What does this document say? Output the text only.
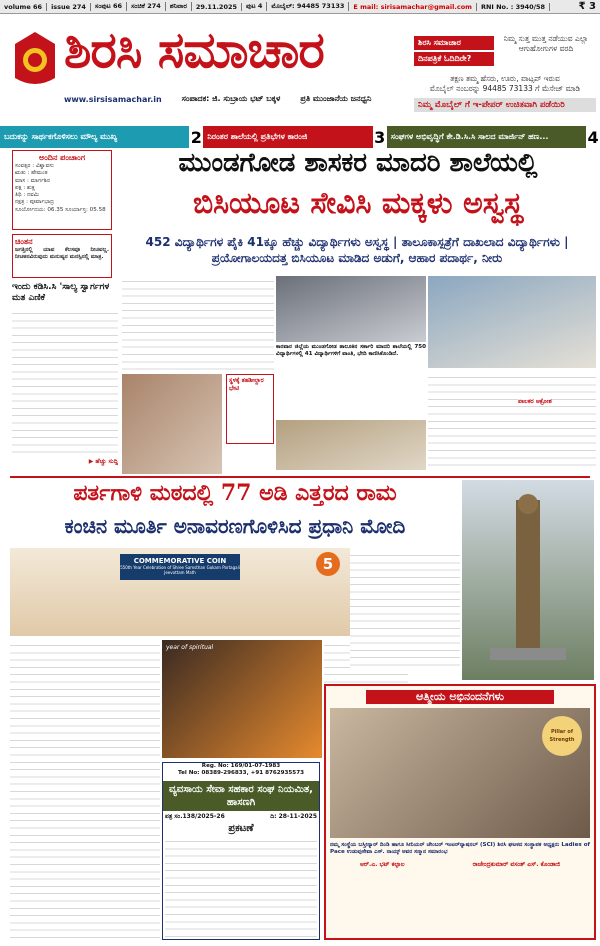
volume 66	issue 274	ಸಂಪುಟ 66	ಸಂಚಿಕೆ 274	ಶನಿವಾರ	29.11.2025	ಪುಟ 4	ಮೊಬೈಲ್: 94485 73133	E mail: sirisamachar@gmail.com	RNI No. : 3940/58	₹ 3
ಶಿರಸಿ ಸಮಾಚಾರ
www.sirsisamachar.in	ಸಂಪಾದಕ: ಜಿ. ಸುಬ್ರಾಯ ಭಟ್ ಬಕ್ಕಳ	ಪ್ರತಿ ಮುಂಜಾನೆಯ ಜನಧ್ವನಿ
ಶಿರಸಿ ಸಮಾಚಾರ
ದಿನಪತ್ರಿಕೆ ಓದಿದಿರೇ?
ನಿಮ್ಮ ಸುತ್ತ ಮುತ್ತ ನಡೆಯುವ ಎಲ್ಲಾ ಆಗುಹೋಗುಗಳ ವರದಿ
ತಕ್ಷಣ ತಮ್ಮ ಹೆಸರು, ಊರು, ವಾಟ್ಸಪ್ ಇರುವ
ಮೊಬೈಲ್ ನಂಬರನ್ನು 94485 73133 ಗೆ ಮೆಸೇಜ್ ಮಾಡಿ
ನಿಮ್ಮ ಮೊಬೈಲ್ ಗೆ ಇ-ಪೇಪರ್ ಉಚಿತವಾಗಿ ಪಡೆಯಿರಿ
ಬದುಕನ್ನು ಸಾರ್ಥಕಗೊಳಿಸಲು ಮೌಲ್ಯ ಮುಖ್ಯ	2 ನಿರಂತರ ಶಾಲೆಯಲ್ಲಿ ಪ್ರತಿಭೆಗಳ ಕಾರಂಜಿ	3 ಸಂಘಗಳ ಅಭಿವೃದ್ಧಿಗೆ ಕೇ.ಡಿ.ಸಿ.ಸಿ ಸಾಲದ ಮಾರ್ಜಿನ್ ಹಣ...	4
ಅಂದಿನ ಪಂಚಾಂಗ
ಸಂವತ್ಸರ : ವಿಶ್ವಾವಸು
ಋತು : ಹೇಮಂತ
ಮಾಸ : ಮಾರ್ಗಶಿರ
ಪಕ್ಷ : ಶುಕ್ಲ
ತಿಥಿ : ನವಮಿ
ನಕ್ಷತ್ರ : ಪೂರ್ವಾಭಾದ್ರ
ಸೂರ್ಯೋದಯ: 06.35 ಸೂರ್ಯಾಸ್ತ: 05.58
ಚಿಂತನ
ಜಗತ್ತಿನಲ್ಲಿ ಯಾವ ಕೆಲಸವೂ ನೀಚವಲ್ಲ. ನೀಚತನವಿರುವುದು ಮನುಷ್ಯನ ಮನಸ್ಸಿನಲ್ಲಿ ಮಾತ್ರ.
ಮುಂಡಗೋಡ ಶಾಸಕರ ಮಾದರಿ ಶಾಲೆಯಲ್ಲಿ
ಬಿಸಿಯೂಟ ಸೇವಿಸಿ ಮಕ್ಕಳು ಅಸ್ವಸ್ಥ
452 ವಿದ್ಯಾರ್ಥಿಗಳ ಪೈಕಿ 41ಕ್ಕೂ ಹೆಚ್ಚು ವಿದ್ಯಾರ್ಥಿಗಳು ಅಸ್ವಸ್ಥ | ತಾಲೂಕಾಸ್ಪತ್ರೆಗೆ ದಾಖಲಾದ ವಿದ್ಯಾರ್ಥಿಗಳು | ಪ್ರಯೋಗಾಲಯದತ್ತ ಬಿಸಿಯೂಟ ಮಾಡಿದ ಅಡುಗೆ, ಆಹಾರ ಪದಾರ್ಥ, ನೀರು
ಇಂದು ಕಡಿಸಿ.ಸಿ 'ಸಾಲ್ಯ ಸ್ವಾರ್ಗಗಳ ಮತ ಎಣಿಕೆ
▶ ಹೆಚ್ಚು ಸುದ್ದಿ
ಸ್ಥಳಕ್ಕೆ ತಹಶೀಲ್ದಾರ ಭೇಟಿ
ಕಾರವಾರ ಜಿಲ್ಲೆಯ ಮುಂಡಗೋಡ ತಾಲೂಕಿನ ಸರ್ಕಾರಿ ಮಾದರಿ ಶಾಲೆಯಲ್ಲಿ 750 ವಿದ್ಯಾರ್ಥಿಗಳಲ್ಲಿ 41 ವಿದ್ಯಾರ್ಥಿಗಳಿಗೆ ವಾಂತಿ, ಭೇದಿ ಕಾಣಿಸಿಕೊಂಡಿದೆ.
ಪಾಲಕರ ಆಕ್ರೋಶ
ಪರ್ತಗಾಳಿ ಮಠದಲ್ಲಿ 77 ಅಡಿ ಎತ್ತರದ ರಾಮ
ಕಂಚಿನ ಮೂರ್ತಿ ಅನಾವರಣಗೊಳಿಸಿದ ಪ್ರಧಾನಿ ಮೋದಿ
COMMEMORATIVE COIN
550th Year Celebration of Shree Samsthan Gokarn Partagali Jeevottam Math	5
year of spiritual
Reg. No: 169/01-07-1983
Tel No: 08389-296833, +91 8762935573
ವ್ಯವಸಾಯ ಸೇವಾ ಸಹಕಾರ ಸಂಘ ನಿಯಮಿತ, ಹಾಸಣಗಿ
ಪತ್ರ ಸಂ.138/2025-26	ದಿ: 28-11-2025
ಪ್ರಕಟಣೆ
ಆತ್ಮೀಯ ಅಭಿನಂದನೆಗಳು
Pillar of Strength
ನಮ್ಮ ಸಂಸ್ಥೆಯ ಬಸ್ತೀನ್ಯಾರ್ ದಿಂಡಿ ಹಾಗೂ ಸೀನಿಯರ್ ಚೇಂಬರ್ ಇಂಟರ್‌ನ್ಯಾಷನಲ್ (SCI) ಶಿರಸಿ ಘಟಕದ ಸಂಸ್ಥಾಪಕ ಅಧ್ಯಕ್ಷರು Ladies of Pace ಉಡುಪುಸೇವಾ ಎಸ್. ನಾಯ್ಕ್ ಅವರ ಸನ್ಮಾನ ಸಮಾರಂಭ
ಆರ್.ಎ. ಭಟ್ ಕಲ್ಪಾಲ	ರಾಜೇಂದ್ರಕುಮಾರ್ ವಸಂತ್ ಎಸ್. ಕೊಂಡಾಜಿ
